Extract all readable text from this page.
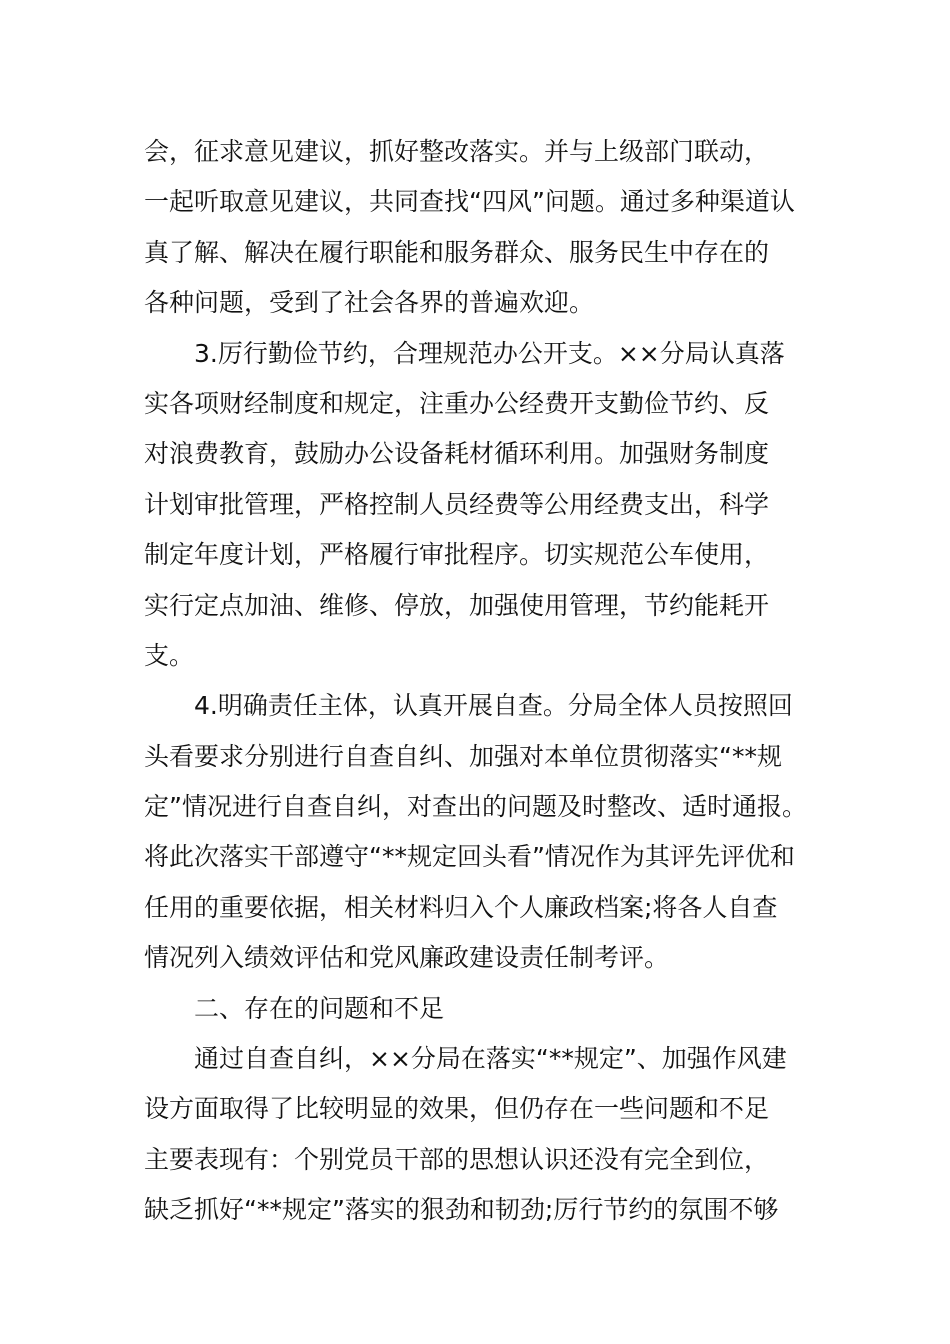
会，征求意见建议，抓好整改落实。并与上级部门联动，
一起听取意见建议，共同查找“四风”问题。通过多种渠道认
真了解、解决在履行职能和服务群众、服务民生中存在的
各种问题，受到了社会各界的普遍欢迎。

3.厉行勤俭节约，合理规范办公开支。××分局认真落
实各项财经制度和规定，注重办公经费开支勤俭节约、反
对浪费教育，鼓励办公设备耗材循环利用。加强财务制度
计划审批管理，严格控制人员经费等公用经费支出，科学
制定年度计划，严格履行审批程序。切实规范公车使用，
实行定点加油、维修、停放，加强使用管理，节约能耗开
支。

4.明确责任主体，认真开展自查。分局全体人员按照回
头看要求分别进行自查自纠、加强对本单位贯彻落实“**规
定”情况进行自查自纠，对查出的问题及时整改、适时通报。
将此次落实干部遵守“**规定回头看”情况作为其评先评优和
任用的重要依据，相关材料归入个人廉政档案;将各人自查
情况列入绩效评估和党风廉政建设责任制考评。

二、存在的问题和不足

通过自查自纠，××分局在落实“**规定”、加强作风建
设方面取得了比较明显的效果，但仍存在一些问题和不足
主要表现有：个别党员干部的思想认识还没有完全到位，
缺乏抓好“**规定”落实的狠劲和韧劲;厉行节约的氛围不够
